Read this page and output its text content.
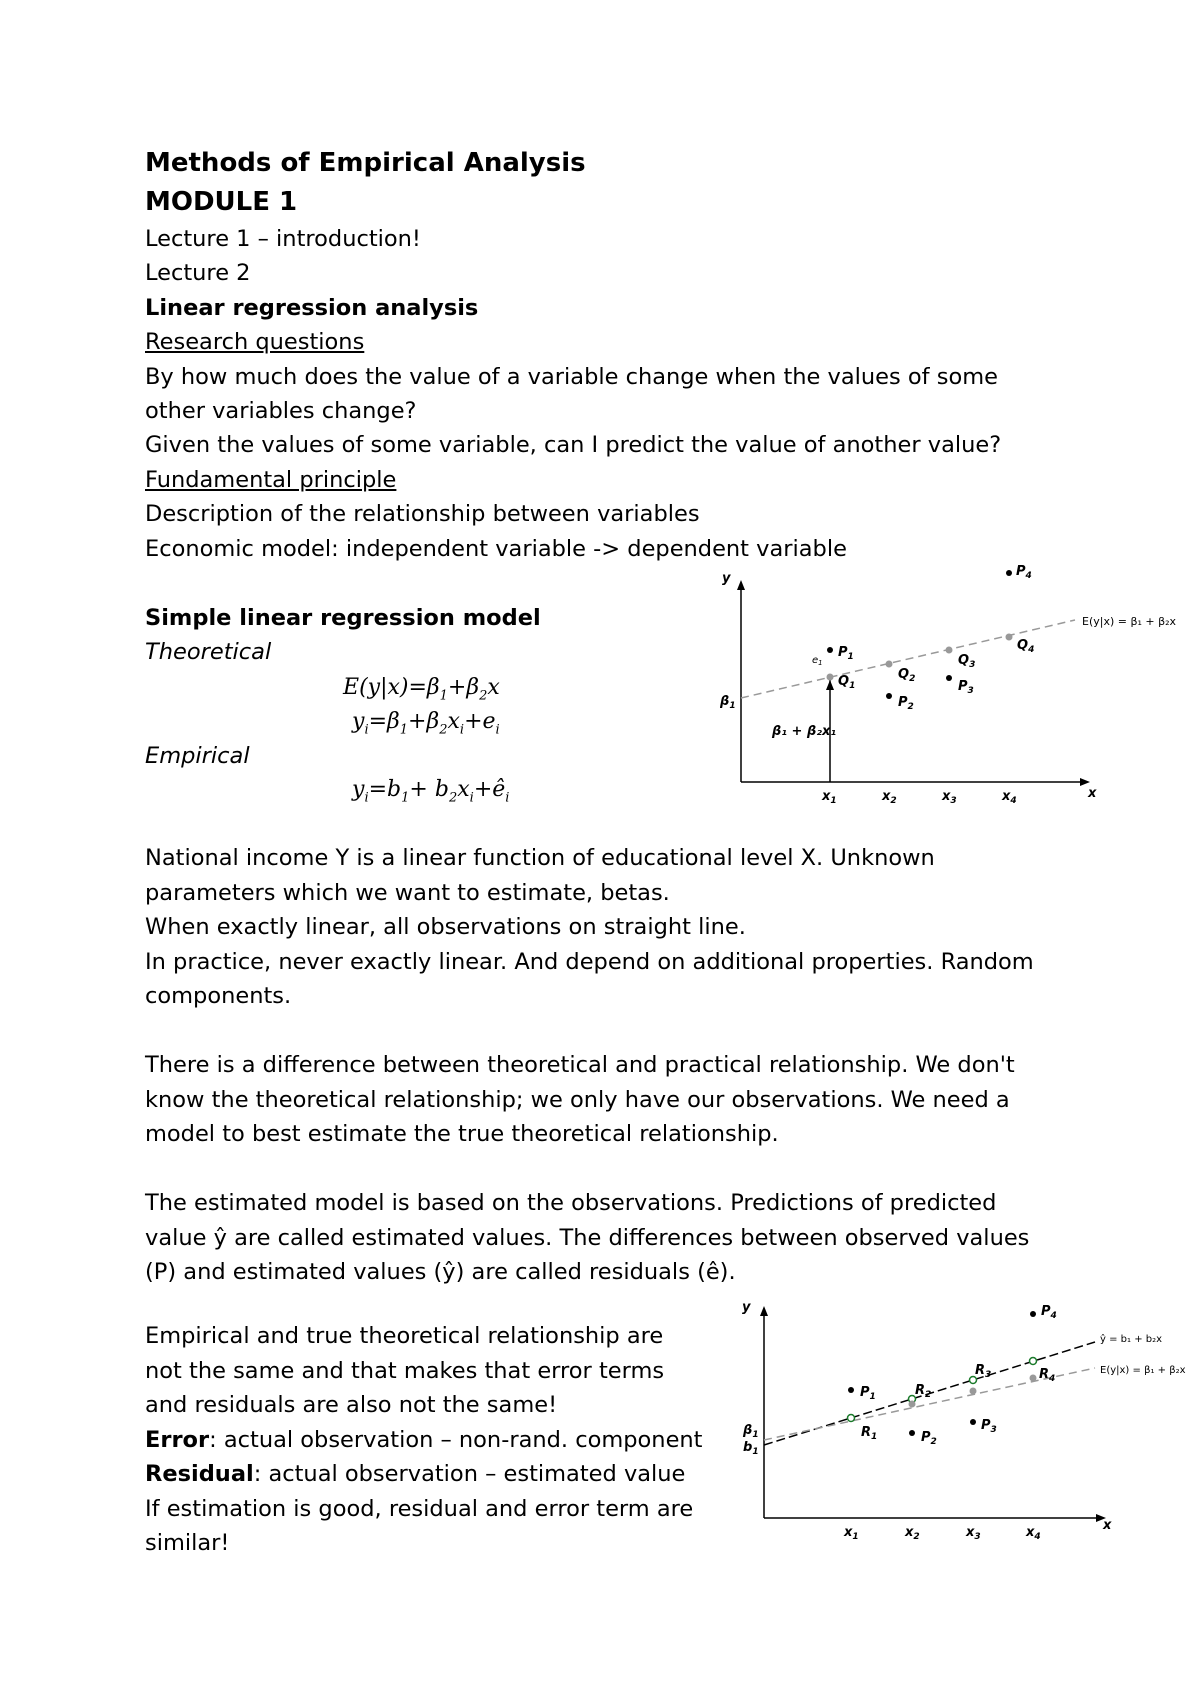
Methods of Empirical Analysis
MODULE 1
Lecture 1 – introduction!
Lecture 2
Linear regression analysis
Research questions
By how much does the value of a variable change when the values of some
other variables change?
Given the values of some variable, can I predict the value of another value?
Fundamental principle
Description of the relationship between variables
Economic model: independent variable -> dependent variable
Simple linear regression model
Theoretical
Empirical
$E(y|x)=\beta_1+\beta_2x$
$y_i=\beta_1+\beta_2x_i+e_i$
$y_i=b_1+$ $b_2x_i+ê_i$
National income Y is a linear function of educational level X. Unknown
parameters which we want to estimate, betas.
When exactly linear, all observations on straight line.
In practice, never exactly linear. And depend on additional properties. Random
components.
There is a difference between theoretical and practical relationship. We don't
know the theoretical relationship; we only have our observations. We need a
model to best estimate the true theoretical relationship.
The estimated model is based on the observations. Predictions of predicted
value ŷ are called estimated values. The differences between observed values
(P) and estimated values (ŷ) are called residuals (ê).
Empirical and true theoretical relationship are
not the same and that makes that error terms
and residuals are also not the same!
Error: actual observation – non-rand. component
Residual: actual observation – estimated value
If estimation is good, residual and error term are
similar!
y
x
E(y|x) = β₁ + β₂x
$\beta_1$
β₁ + β₂x₁
$e_1$
$P_1$
$Q_1$
$Q_2$
$P_2$
$Q_3$
$P_3$
$Q_4$
$P_4$
$x_1$	$x_2$	$x_3$	$x_4$
y
x
ŷ = b₁ + b₂x
E(y|x) = β₁ + β₂x
$\beta_1$
$b_1$
$P_1$
$R_1$
$R_2$
$P_2$
$R_3$
$P_3$
$R_4$
$P_4$
$x_1$	$x_2$	$x_3$	$x_4$
